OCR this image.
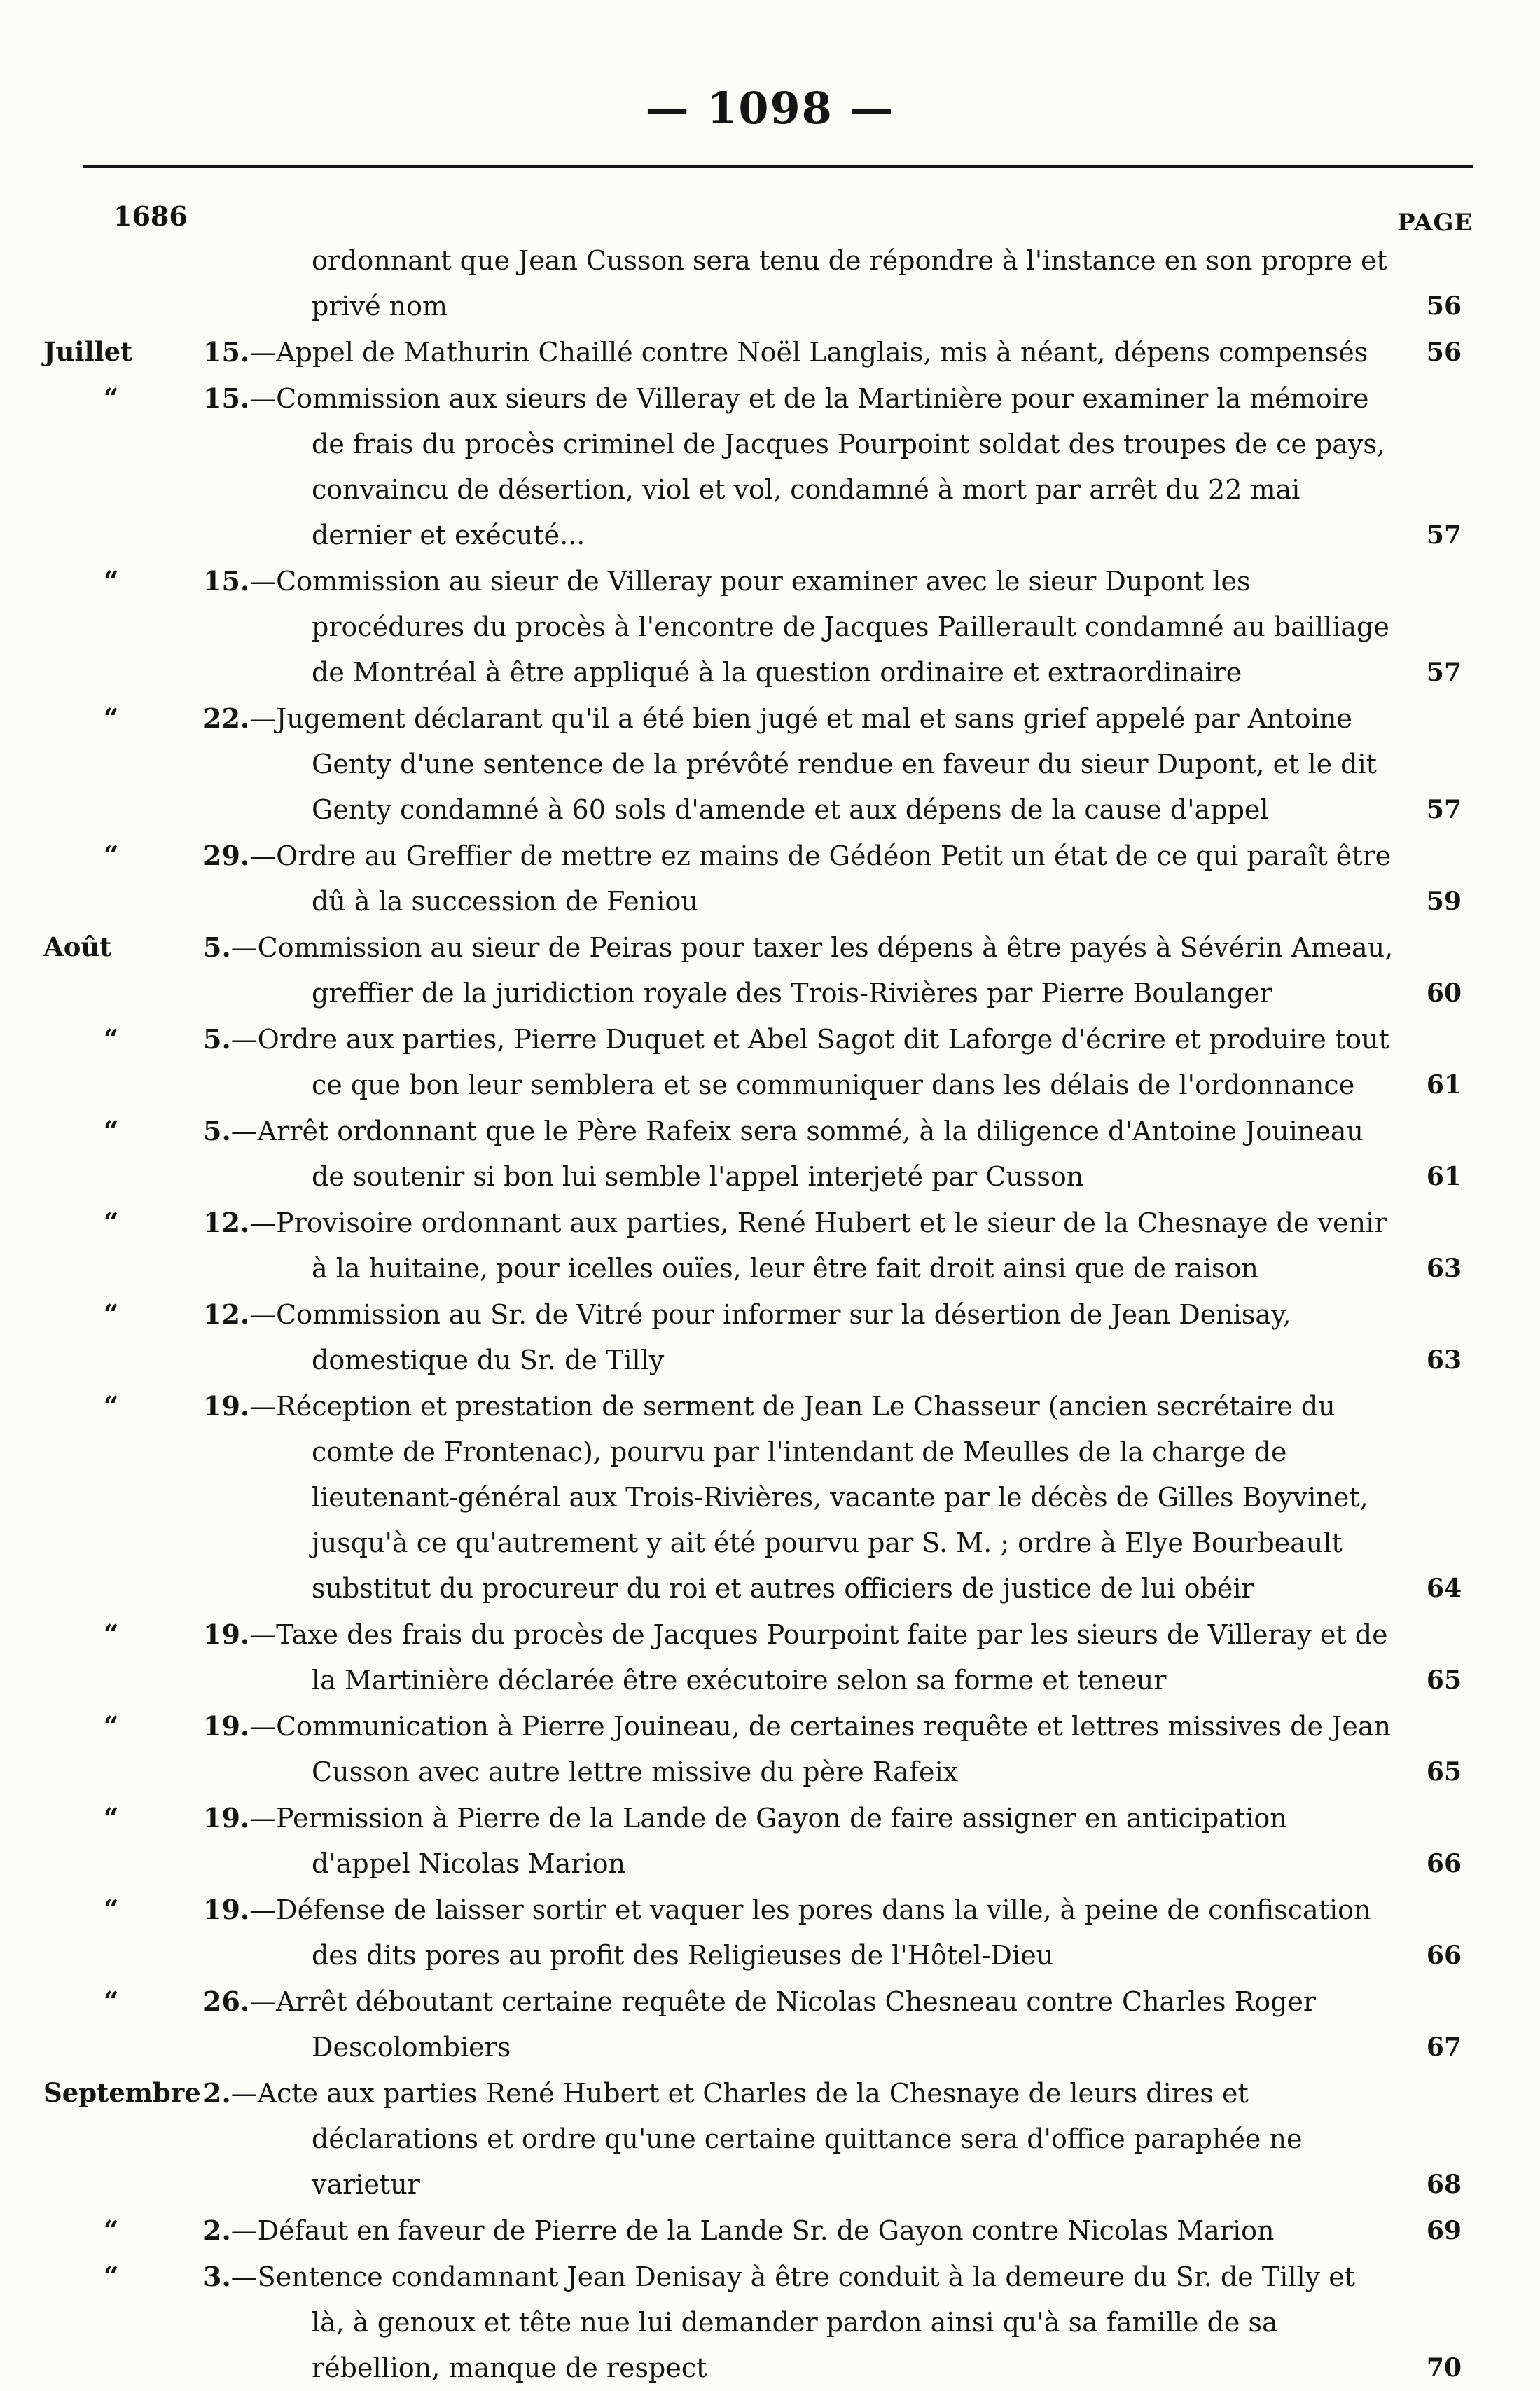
— 1098 —
1686	PAGE
ordonnant que Jean Cusson sera tenu de répondre à l'instance en son propre et privé nom	56
Juillet	15.—Appel de Mathurin Chaillé contre Noël Langlais, mis à néant, dépens compensés	56
“	15.—Commission aux sieurs de Villeray et de la Martinière pour examiner la mémoire de frais du procès criminel de Jacques Pourpoint soldat des troupes de ce pays, convaincu de désertion, viol et vol, condamné à mort par arrêt du 22 mai dernier et exécuté...	57
“	15.—Commission au sieur de Villeray pour examiner avec le sieur Dupont les procédures du procès à l'encontre de Jacques Paillerault condamné au bailliage de Montréal à être appliqué à la question ordinaire et extraordinaire	57
“	22.—Jugement déclarant qu'il a été bien jugé et mal et sans grief appelé par Antoine Genty d'une sentence de la prévôté rendue en faveur du sieur Dupont, et le dit Genty condamné à 60 sols d'amende et aux dépens de la cause d'appel	57
“	29.—Ordre au Greffier de mettre ez mains de Gédéon Petit un état de ce qui paraît être dû à la succession de Feniou	59
Août	5.—Commission au sieur de Peiras pour taxer les dépens à être payés à Sévérin Ameau, greffier de la juridiction royale des Trois-Rivières par Pierre Boulanger	60
“	5.—Ordre aux parties, Pierre Duquet et Abel Sagot dit Laforge d'écrire et produire tout ce que bon leur semblera et se communiquer dans les délais de l'ordonnance	61
“	5.—Arrêt ordonnant que le Père Rafeix sera sommé, à la diligence d'Antoine Jouineau de soutenir si bon lui semble l'appel interjeté par Cusson	61
“	12.—Provisoire ordonnant aux parties, René Hubert et le sieur de la Chesnaye de venir à la huitaine, pour icelles ouïes, leur être fait droit ainsi que de raison	63
“	12.—Commission au Sr. de Vitré pour informer sur la désertion de Jean Denisay, domestique du Sr. de Tilly	63
“	19.—Réception et prestation de serment de Jean Le Chasseur (ancien secrétaire du comte de Frontenac), pourvu par l'intendant de Meulles de la charge de lieutenant-général aux Trois-Rivières, vacante par le décès de Gilles Boyvinet, jusqu'à ce qu'autrement y ait été pourvu par S. M. ; ordre à Elye Bourbeault substitut du procureur du roi et autres officiers de justice de lui obéir	64
“	19.—Taxe des frais du procès de Jacques Pourpoint faite par les sieurs de Villeray et de la Martinière déclarée être exécutoire selon sa forme et teneur	65
“	19.—Communication à Pierre Jouineau, de certaines requête et lettres missives de Jean Cusson avec autre lettre missive du père Rafeix	65
“	19.—Permission à Pierre de la Lande de Gayon de faire assigner en anticipation d'appel Nicolas Marion	66
“	19.—Défense de laisser sortir et vaquer les pores dans la ville, à peine de confiscation des dits pores au profit des Religieuses de l'Hôtel-Dieu	66
“	26.—Arrêt déboutant certaine requête de Nicolas Chesneau contre Charles Roger Descolombiers	67
Septembre 2.—Acte aux parties René Hubert et Charles de la Chesnaye de leurs dires et déclarations et ordre qu'une certaine quittance sera d'office paraphée ne varietur	68
“	2.—Défaut en faveur de Pierre de la Lande Sr. de Gayon contre Nicolas Marion	69
“	3.—Sentence condamnant Jean Denisay à être conduit à la demeure du Sr. de Tilly et là, à genoux et tête nue lui demander pardon ainsi qu'à sa famille de sa rébellion, manque de respect	70
